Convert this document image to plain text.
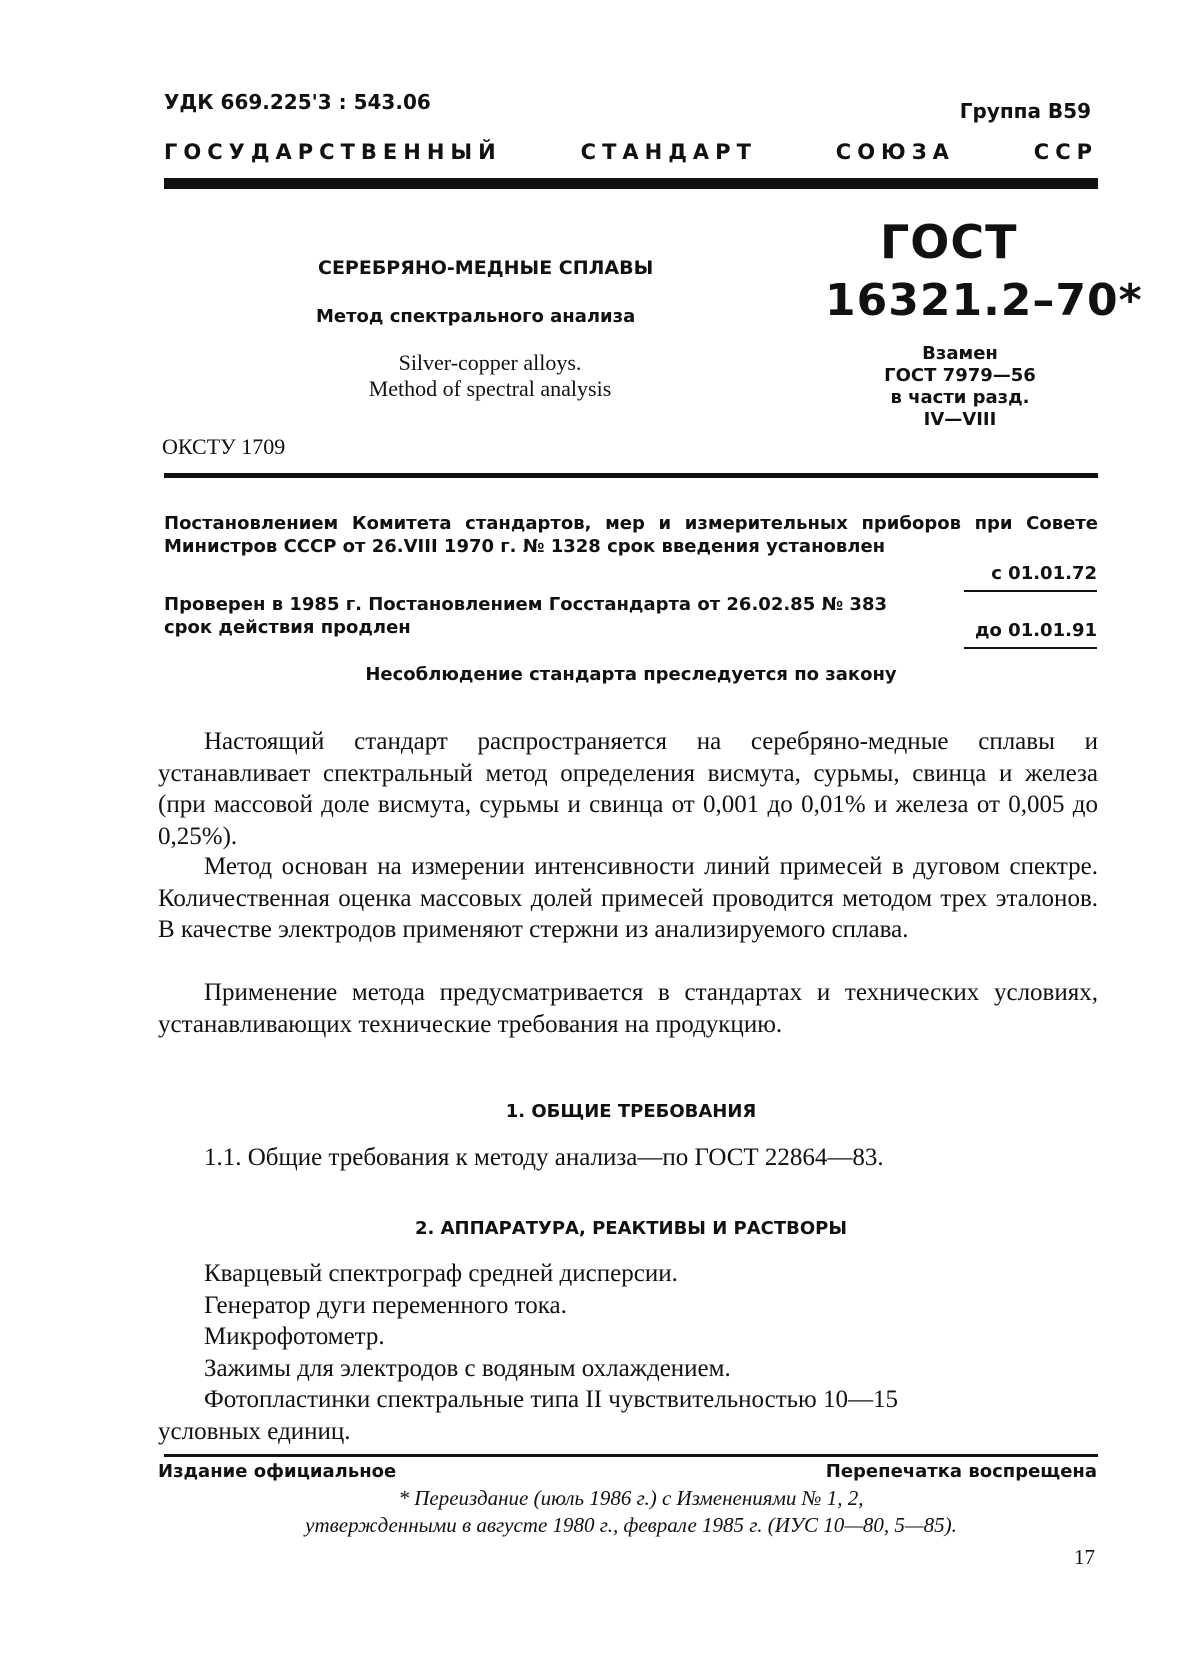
УДК 669.225'3 : 543.06	Группа В59
ГОСУДАРСТВЕННЫЙ	СТАНДАРТ	СОЮЗА	ССР
СЕРЕБРЯНО-МЕДНЫЕ СПЛАВЫ
Метод спектрального анализа
Silver-copper alloys.
Method of spectral analysis
ОКСТУ 1709
ГОСТ
16321.2–70*
Взамен
ГОСТ 7979—56
в части разд.
IV—VIII
Постановлением Комитета стандартов, мер и измерительных приборов при Совете Министров СССР от 26.VIII 1970 г. № 1328 срок введения установлен
с 01.01.72
Проверен в 1985 г. Постановлением Госстандарта от 26.02.85 № 383
срок действия продлен	до 01.01.91
Несоблюдение стандарта преследуется по закону
Настоящий стандарт распространяется на серебряно-медные сплавы и устанавливает спектральный метод определения висмута, сурьмы, свинца и железа (при массовой доле висмута, сурьмы и свинца от 0,001 до 0,01% и железа от 0,005 до 0,25%).
Метод основан на измерении интенсивности линий примесей в дуговом спектре. Количественная оценка массовых долей примесей проводится методом трех эталонов. В качестве электродов применяют стержни из анализируемого сплава.
Применение метода предусматривается в стандартах и технических условиях, устанавливающих технические требования на продукцию.
1. ОБЩИЕ ТРЕБОВАНИЯ
1.1. Общие требования к методу анализа—по ГОСТ 22864—83.
2. АППАРАТУРА, РЕАКТИВЫ И РАСТВОРЫ
Кварцевый спектрограф средней дисперсии.
Генератор дуги переменного тока.
Микрофотометр.
Зажимы для электродов с водяным охлаждением.
Фотопластинки спектральные типа II чувствительностью 10—15
условных единиц.
Издание официальное	Перепечатка воспрещена
* Переиздание (июль 1986 г.) с Изменениями № 1, 2,
утвержденными в августе 1980 г., феврале 1985 г. (ИУС 10—80, 5—85).
17
